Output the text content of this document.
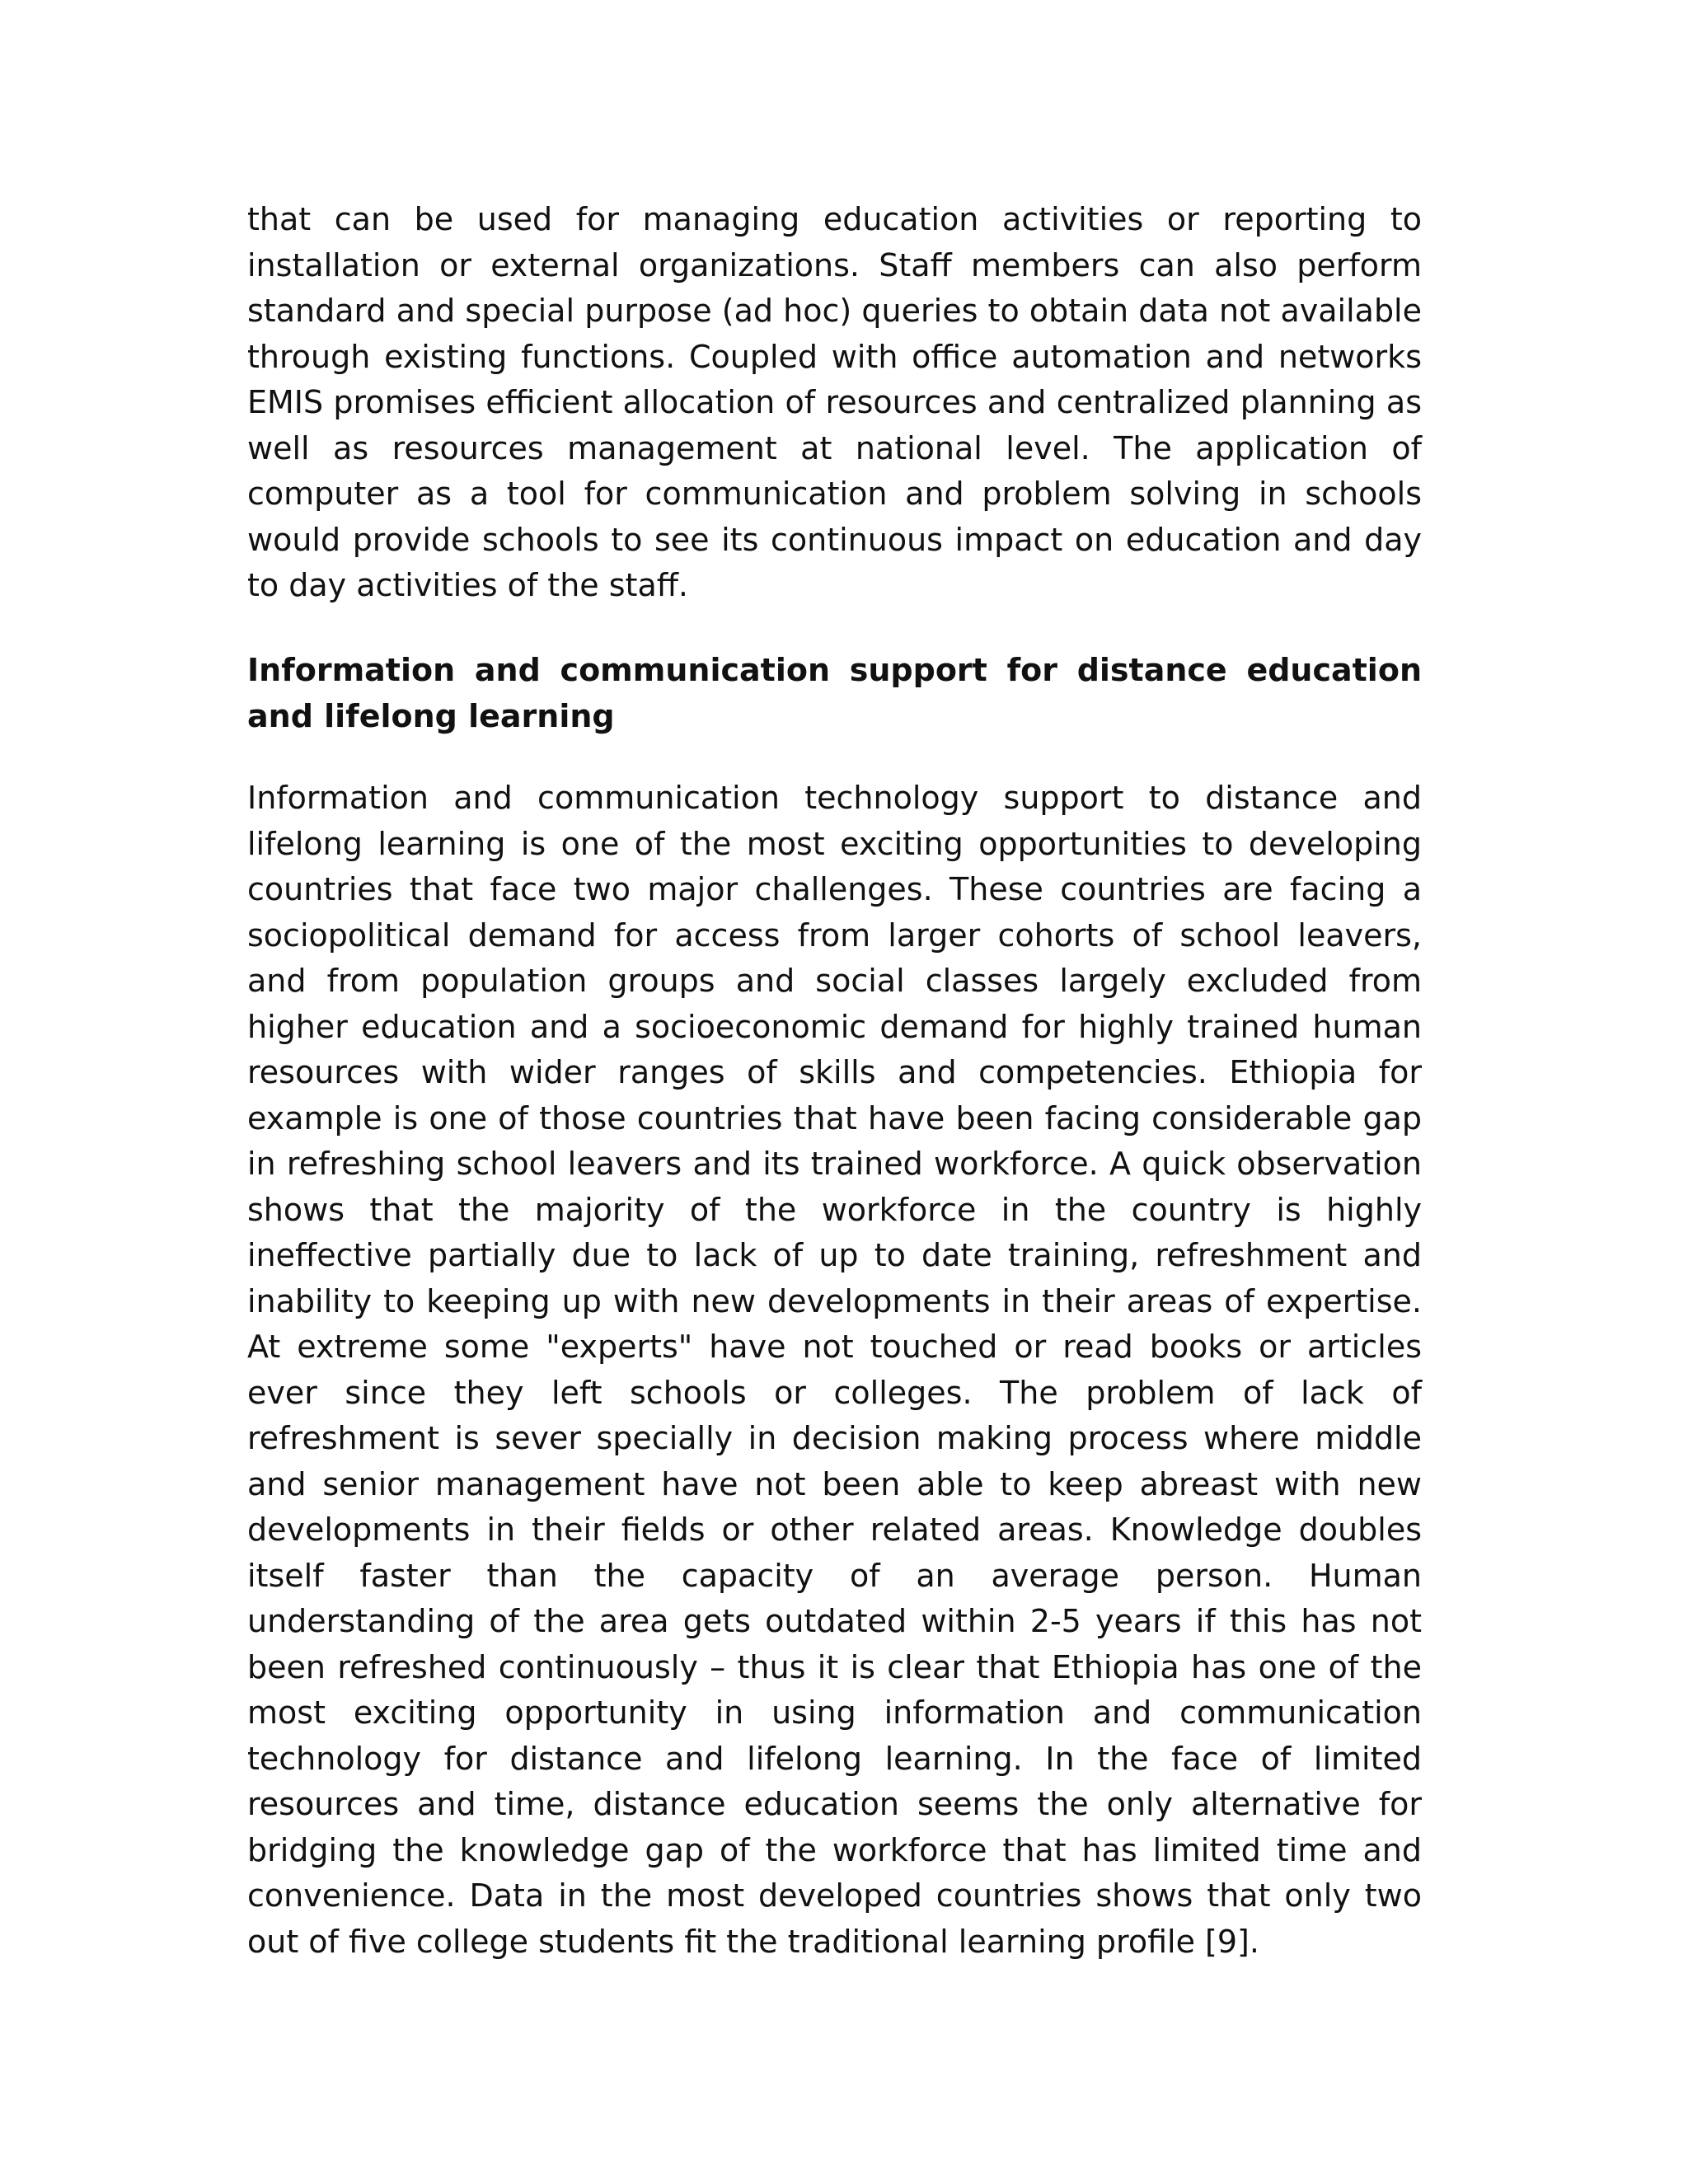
that can be used for managing education activities or reporting to installation or external organizations. Staff members can also perform standard and special purpose (ad hoc) queries to obtain data not available through existing functions. Coupled with office automation and networks EMIS promises efficient allocation of resources and centralized planning as well as resources management at national level. The application of computer as a tool for communication and problem solving in schools would provide schools to see its continuous impact on education and day to day activities of the staff.

Information and communication support for distance education and lifelong learning

Information and communication technology support to distance and lifelong learning is one of the most exciting opportunities to developing countries that face two major challenges. These countries are facing a sociopolitical demand for access from larger cohorts of school leavers, and from population groups and social classes largely excluded from higher education and a socioeconomic demand for highly trained human resources with wider ranges of skills and competencies. Ethiopia for example is one of those countries that have been facing considerable gap in refreshing school leavers and its trained workforce. A quick observation shows that the majority of the workforce in the country is highly ineffective partially due to lack of up to date training, refreshment and inability to keeping up with new developments in their areas of expertise. At extreme some "experts" have not touched or read books or articles ever since they left schools or colleges. The problem of lack of refreshment is sever specially in decision making process where middle and senior management have not been able to keep abreast with new developments in their fields or other related areas. Knowledge doubles itself faster than the capacity of an average person. Human understanding of the area gets outdated within 2-5 years if this has not been refreshed continuously – thus it is clear that Ethiopia has one of the most exciting opportunity in using information and communication technology for distance and lifelong learning. In the face of limited resources and time, distance education seems the only alternative for bridging the knowledge gap of the workforce that has limited time and convenience. Data in the most developed countries shows that only two out of five college students fit the traditional learning profile [9].
